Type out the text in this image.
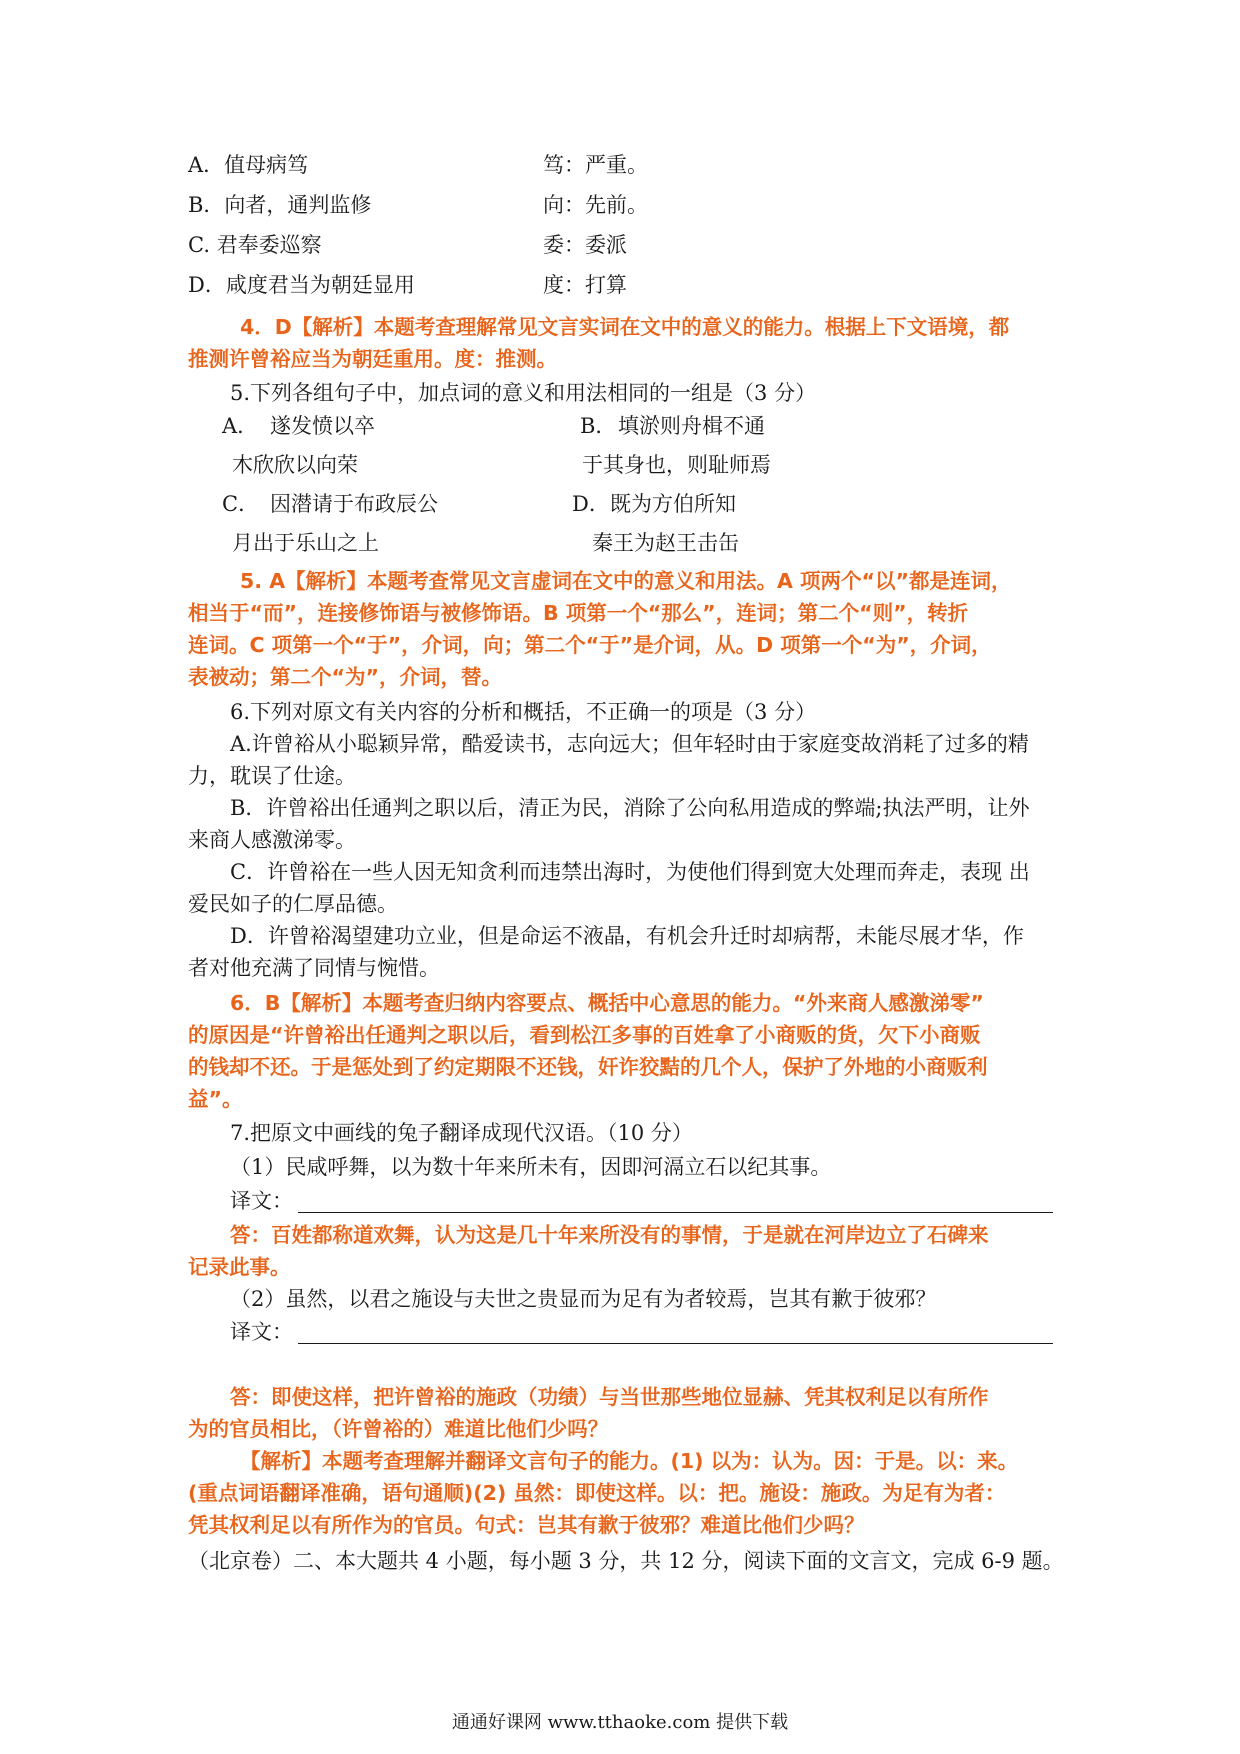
A．值母病笃	笃：严重。
B．向者，通判监修	向：先前。
C. 君奉委巡察	委：委派
D．咸度君当为朝廷显用	度：打算
4．D【解析】本题考查理解常见文言实词在文中的意义的能力。根据上下文语境，都
推测许曾裕应当为朝廷重用。度：推测。
5.下列各组句子中，加点词的意义和用法相同的一组是（3 分）
A． 遂发愤以卒	B． 填淤则舟楫不通
木欣欣以向荣	于其身也，则耻师焉
C． 因潜请于布政辰公	D． 既为方伯所知
月出于乐山之上	秦王为赵王击缶
5. A【解析】本题考查常见文言虚词在文中的意义和用法。A 项两个“以”都是连词，
相当于“而”，连接修饰语与被修饰语。B 项第一个“那么”，连词；第二个“则”，转折
连词。C 项第一个“于”，介词，向；第二个“于”是介词，从。D 项第一个“为”，介词，
表被动；第二个“为”，介词，替。
6.下列对原文有关内容的分析和概括，不正确一的项是（3 分）
A.许曾裕从小聪颖异常，酷爱读书，志向远大；但年轻时由于家庭变故消耗了过多的精
力，耽误了仕途。
B．许曾裕出任通判之职以后，清正为民，消除了公向私用造成的弊端;执法严明，让外
来商人感激涕零。
C．许曾裕在一些人因无知贪利而违禁出海时，为使他们得到宽大处理而奔走，表现 出
爱民如子的仁厚品德。
D．许曾裕渴望建功立业，但是命运不液晶，有机会升迁时却病帮，未能尽展才华，作
者对他充满了同情与惋惜。
6．B【解析】本题考查归纳内容要点、概括中心意思的能力。“外来商人感激涕零”
的原因是“许曾裕出任通判之职以后，看到松江多事的百姓拿了小商贩的货，欠下小商贩
的钱却不还。于是惩处到了约定期限不还钱，奸诈狡黠的几个人，保护了外地的小商贩利
益”。
7.把原文中画线的兔子翻译成现代汉语。（10 分）
（1）民咸呼舞，以为数十年来所未有，因即河滆立石以纪其事。
译文：
答：百姓都称道欢舞，认为这是几十年来所没有的事情，于是就在河岸边立了石碑来
记录此事。
（2）虽然，以君之施设与夫世之贵显而为足有为者较焉，岂其有歉于彼邪？
译文：
答：即使这样，把许曾裕的施政（功绩）与当世那些地位显赫、凭其权利足以有所作
为的官员相比，（许曾裕的）难道比他们少吗？
【解析】本题考查理解并翻译文言句子的能力。(1) 以为：认为。因：于是。以：来。
(重点词语翻译准确，语句通顺)(2) 虽然：即使这样。以：把。施设：施政。为足有为者：
凭其权利足以有所作为的官员。句式：岂其有歉于彼邪？难道比他们少吗？
（北京卷）二、本大题共 4 小题，每小题 3 分，共 12 分，阅读下面的文言文，完成 6-9 题。
通通好课网 www.tthaoke.com 提供下载
